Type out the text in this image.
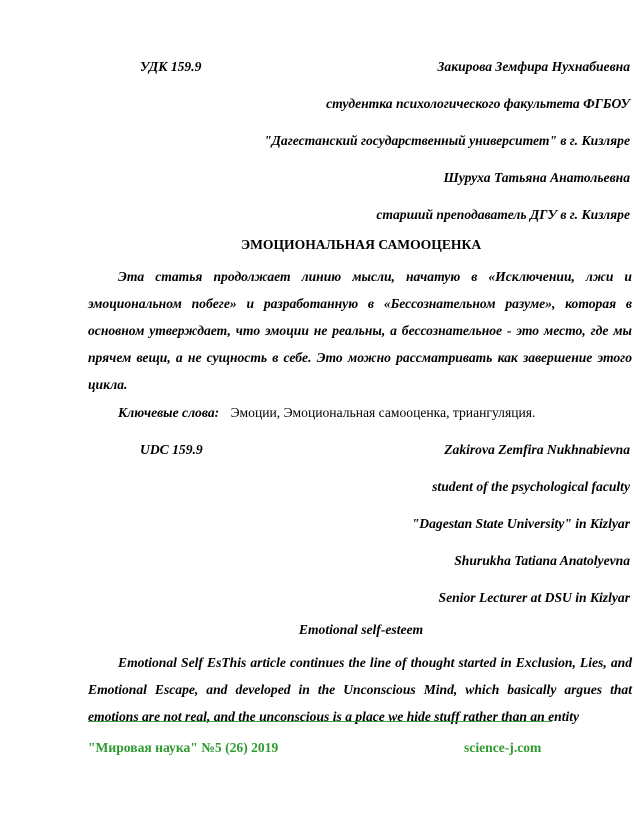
УДК 159.9	Закирова Земфира Нухнабиевна
студентка психологического факультета ФГБОУ
"Дагестанский государственный университет" в г. Кизляре
Шуруха Татьяна Анатольевна
старший преподаватель ДГУ в г. Кизляре
ЭМОЦИОНАЛЬНАЯ САМООЦЕНКА

Эта статья продолжает линию мысли, начатую в «Исключении, лжи и эмоциональном побеге» и разработанную в «Бессознательном разуме», которая в основном утверждает, что эмоции не реальны, а бессознательное - это место, где мы прячем вещи, а не сущность в себе. Это можно рассматривать как завершение этого цикла.

Ключевые слова: Эмоции, Эмоциональная самооценка, триангуляция.
UDC 159.9	Zakirova Zemfira Nukhnabievna
student of the psychological faculty
"Dagestan State University" in Kizlyar
Shurukha Tatiana Anatolyevna
Senior Lecturer at DSU in Kizlyar
Emotional self-esteem

Emotional Self EsThis article continues the line of thought started in Exclusion, Lies, and Emotional Escape, and developed in the Unconscious Mind, which basically argues that emotions are not real, and the unconscious is a place we hide stuff rather than an entity

"Мировая наука" №5 (26) 2019	science-j.com
